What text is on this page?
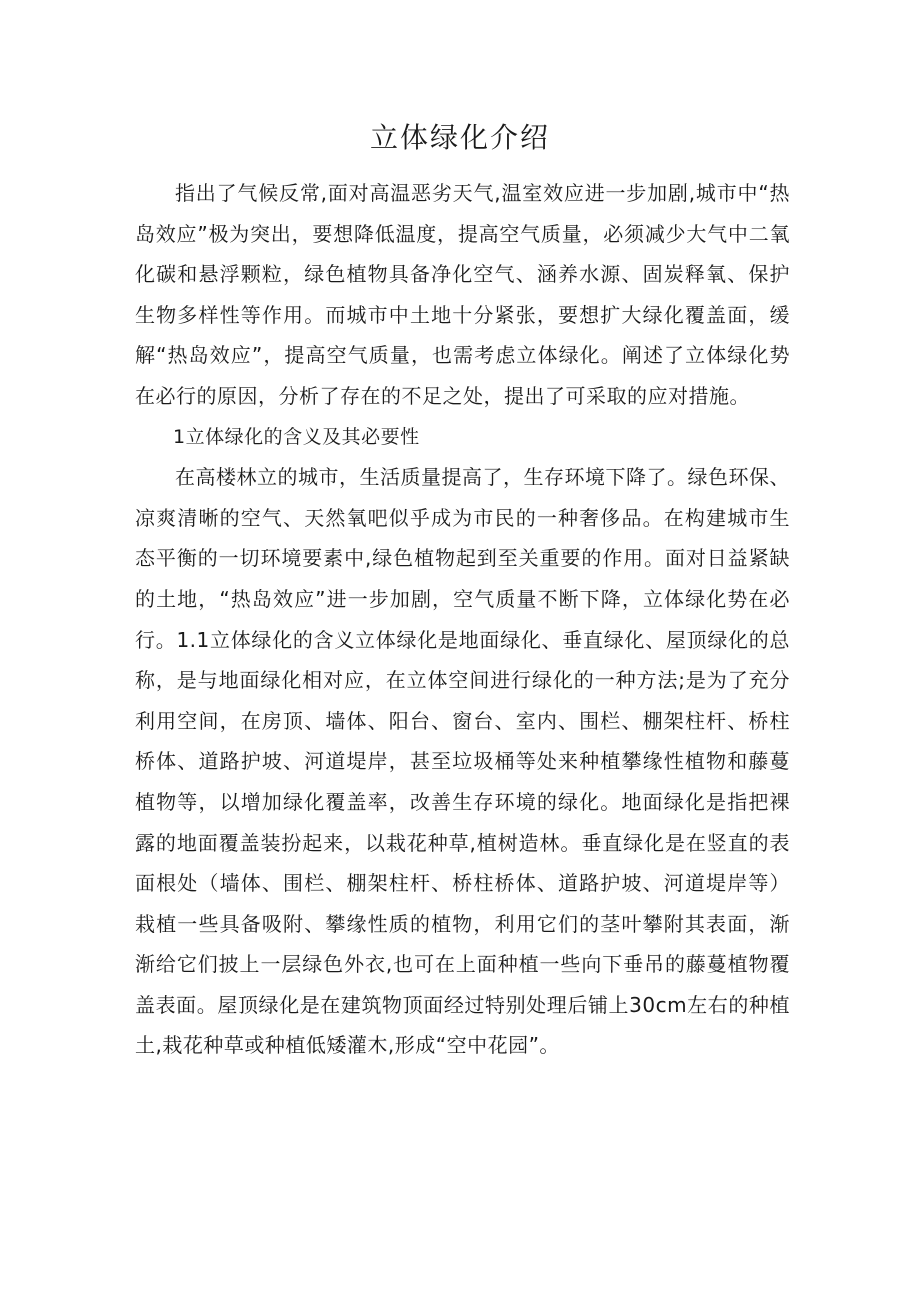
立体绿化介绍

指出了气候反常,面对高温恶劣天气,温室效应进一步加剧,城市中“热岛效应”极为突出，要想降低温度，提高空气质量，必须减少大气中二氧化碳和悬浮颗粒，绿色植物具备净化空气、涵养水源、固炭释氧、保护生物多样性等作用。而城市中土地十分紧张，要想扩大绿化覆盖面，缓解“热岛效应”，提高空气质量，也需考虑立体绿化。阐述了立体绿化势在必行的原因，分析了存在的不足之处，提出了可采取的应对措施。

1立体绿化的含义及其必要性

在高楼林立的城市，生活质量提高了，生存环境下降了。绿色环保、凉爽清晰的空气、天然氧吧似乎成为市民的一种奢侈品。在构建城市生态平衡的一切环境要素中,绿色植物起到至关重要的作用。面对日益紧缺的土地，“热岛效应”进一步加剧，空气质量不断下降，立体绿化势在必行。1.1立体绿化的含义立体绿化是地面绿化、垂直绿化、屋顶绿化的总称，是与地面绿化相对应，在立体空间进行绿化的一种方法;是为了充分利用空间，在房顶、墙体、阳台、窗台、室内、围栏、棚架柱杆、桥柱桥体、道路护坡、河道堤岸，甚至垃圾桶等处来种植攀缘性植物和藤蔓植物等，以增加绿化覆盖率，改善生存环境的绿化。地面绿化是指把裸露的地面覆盖装扮起来，以栽花种草,植树造林。垂直绿化是在竖直的表面根处（墙体、围栏、棚架柱杆、桥柱桥体、道路护坡、河道堤岸等）栽植一些具备吸附、攀缘性质的植物，利用它们的茎叶攀附其表面，渐渐给它们披上一层绿色外衣,也可在上面种植一些向下垂吊的藤蔓植物覆盖表面。屋顶绿化是在建筑物顶面经过特别处理后铺上30cm左右的种植土,栽花种草或种植低矮灌木,形成“空中花园”。
